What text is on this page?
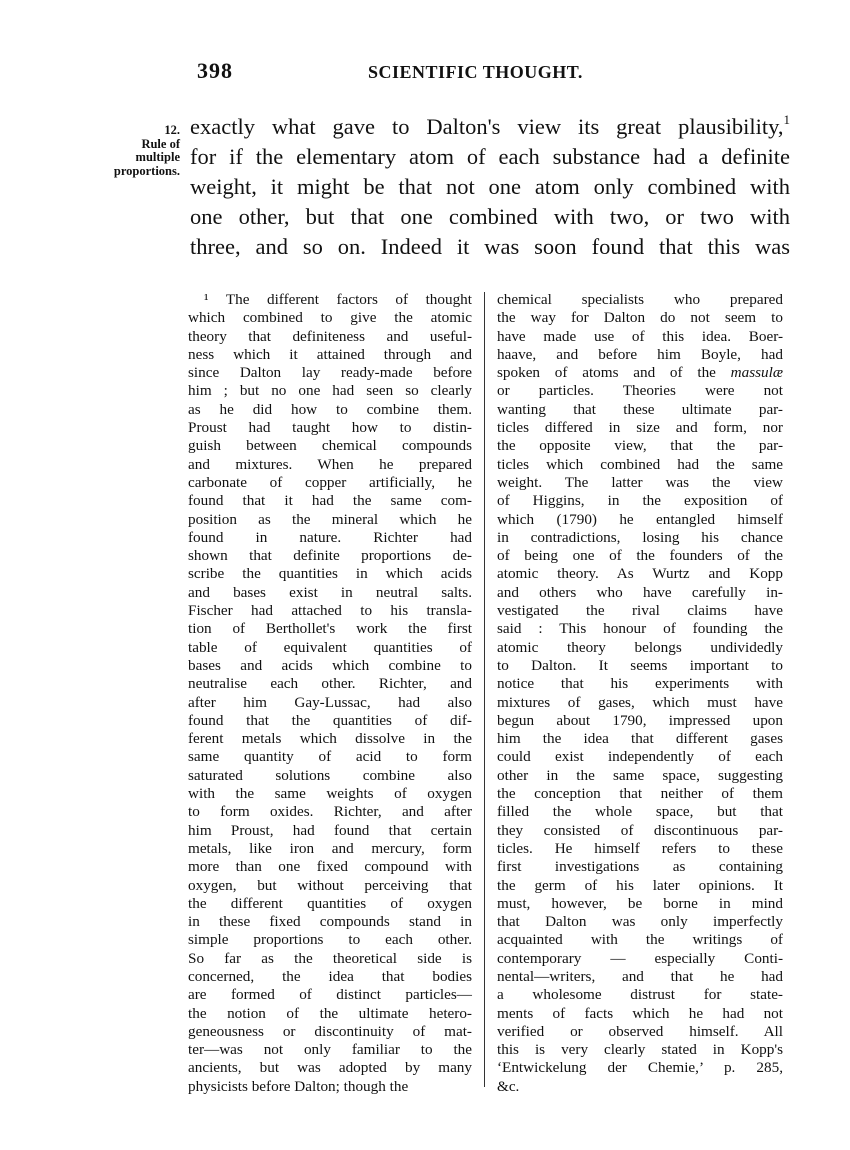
398	SCIENTIFIC THOUGHT.
12.
Rule of
multiple
proportions.
exactly what gave to Dalton's view its great plausibility,$^1$
for if the elementary atom of each substance had a definite
weight, it might be that not one atom only combined with
one other, but that one combined with two, or two with
three, and so on. Indeed it was soon found that this was
¹ The different factors of thought
which combined to give the atomic
theory that definiteness and useful-
ness which it attained through and
since Dalton lay ready-made before
him ; but no one had seen so clearly
as he did how to combine them.
Proust had taught how to distin-
guish between chemical compounds
and mixtures. When he prepared
carbonate of copper artificially, he
found that it had the same com-
position as the mineral which he
found in nature. Richter had
shown that definite proportions de-
scribe the quantities in which acids
and bases exist in neutral salts.
Fischer had attached to his transla-
tion of Berthollet's work the first
table of equivalent quantities of
bases and acids which combine to
neutralise each other. Richter, and
after him Gay-Lussac, had also
found that the quantities of dif-
ferent metals which dissolve in the
same quantity of acid to form
saturated solutions combine also
with the same weights of oxygen
to form oxides. Richter, and after
him Proust, had found that certain
metals, like iron and mercury, form
more than one fixed compound with
oxygen, but without perceiving that
the different quantities of oxygen
in these fixed compounds stand in
simple proportions to each other.
So far as the theoretical side is
concerned, the idea that bodies
are formed of distinct particles—
the notion of the ultimate hetero-
geneousness or discontinuity of mat-
ter—was not only familiar to the
ancients, but was adopted by many
physicists before Dalton; though the
chemical specialists who prepared
the way for Dalton do not seem to
have made use of this idea. Boer-
haave, and before him Boyle, had
spoken of atoms and of the massulæ
or particles. Theories were not
wanting that these ultimate par-
ticles differed in size and form, nor
the opposite view, that the par-
ticles which combined had the same
weight. The latter was the view
of Higgins, in the exposition of
which (1790) he entangled himself
in contradictions, losing his chance
of being one of the founders of the
atomic theory. As Wurtz and Kopp
and others who have carefully in-
vestigated the rival claims have
said : This honour of founding the
atomic theory belongs undividedly
to Dalton. It seems important to
notice that his experiments with
mixtures of gases, which must have
begun about 1790, impressed upon
him the idea that different gases
could exist independently of each
other in the same space, suggesting
the conception that neither of them
filled the whole space, but that
they consisted of discontinuous par-
ticles. He himself refers to these
first investigations as containing
the germ of his later opinions. It
must, however, be borne in mind
that Dalton was only imperfectly
acquainted with the writings of
contemporary — especially Conti-
nental—writers, and that he had
a wholesome distrust for state-
ments of facts which he had not
verified or observed himself. All
this is very clearly stated in Kopp's
‘Entwickelung der Chemie,’ p. 285,
&c.
